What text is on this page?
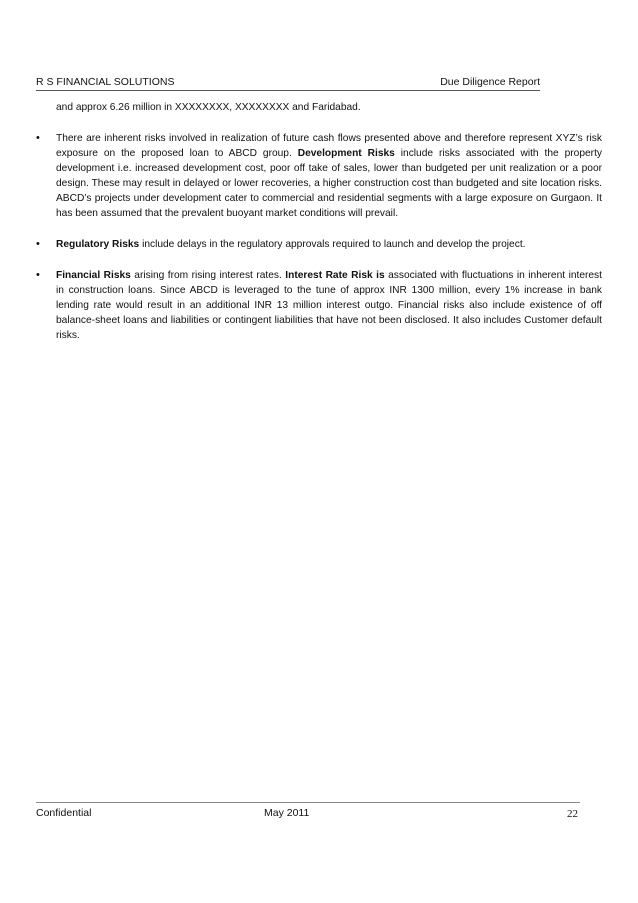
R S FINANCIAL SOLUTIONS	Due Diligence Report

and approx 6.26 million in XXXXXXXX, XXXXXXXX and Faridabad.

• There are inherent risks involved in realization of future cash flows presented above and therefore represent XYZ’s risk exposure on the proposed loan to ABCD group. Development Risks include risks associated with the property development i.e. increased development cost, poor off take of sales, lower than budgeted per unit realization or a poor design. These may result in delayed or lower recoveries, a higher construction cost than budgeted and site location risks. ABCD’s projects under development cater to commercial and residential segments with a large exposure on Gurgaon. It has been assumed that the prevalent buoyant market conditions will prevail.
• Regulatory Risks include delays in the regulatory approvals required to launch and develop the project.
• Financial Risks arising from rising interest rates. Interest Rate Risk is associated with fluctuations in inherent interest in construction loans. Since ABCD is leveraged to the tune of approx INR 1300 million, every 1% increase in bank lending rate would result in an additional INR 13 million interest outgo. Financial risks also include existence of off balance-sheet loans and liabilities or contingent liabilities that have not been disclosed. It also includes Customer default risks.
Confidential	May 2011	22
